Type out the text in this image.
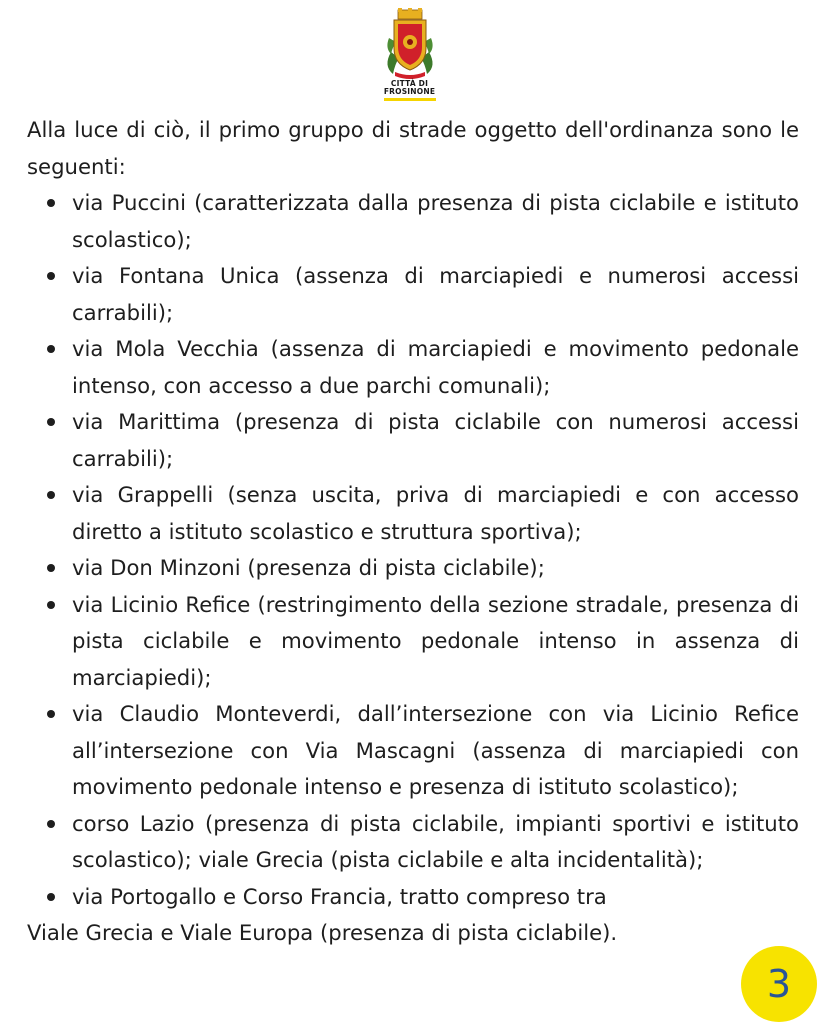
CITTÀ DI
FROSINONE

Alla luce di ciò, il primo gruppo di strade oggetto dell'ordinanza sono le seguenti:

via Puccini (caratterizzata dalla presenza di pista ciclabile e istituto scolastico);
via Fontana Unica (assenza di marciapiedi e numerosi accessi carrabili);
via Mola Vecchia (assenza di marciapiedi e movimento pedonale intenso, con accesso a due parchi comunali);
via Marittima (presenza di pista ciclabile con numerosi accessi carrabili);
via Grappelli (senza uscita, priva di marciapiedi e con accesso diretto a istituto scolastico e struttura sportiva);
via Don Minzoni (presenza di pista ciclabile);
via Licinio Refice (restringimento della sezione stradale, presenza di pista ciclabile e movimento pedonale intenso in assenza di marciapiedi);
via Claudio Monteverdi, dall’intersezione con via Licinio Refice all’intersezione con Via Mascagni (assenza di marciapiedi con movimento pedonale intenso e presenza di istituto scolastico);
corso Lazio (presenza di pista ciclabile, impianti sportivi e istituto scolastico); viale Grecia (pista ciclabile e alta incidentalità);
via Portogallo e Corso Francia, tratto compreso tra

Viale Grecia e Viale Europa (presenza di pista ciclabile).

3
